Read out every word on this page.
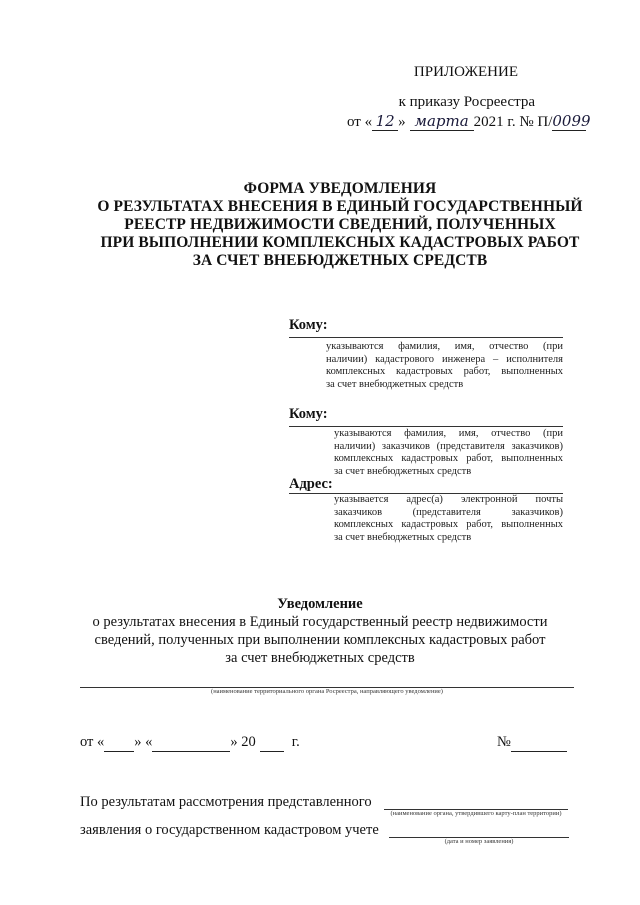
ПРИЛОЖЕНИЕ
к приказу Росреестра
от « 12 » марта 2021 г. № П/0099
ФОРМА УВЕДОМЛЕНИЯ
О РЕЗУЛЬТАТАХ ВНЕСЕНИЯ В ЕДИНЫЙ ГОСУДАРСТВЕННЫЙ
РЕЕСТР НЕДВИЖИМОСТИ СВЕДЕНИЙ, ПОЛУЧЕННЫХ
ПРИ ВЫПОЛНЕНИИ КОМПЛЕКСНЫХ КАДАСТРОВЫХ РАБОТ
ЗА СЧЕТ ВНЕБЮДЖЕТНЫХ СРЕДСТВ
Кому:
указываются фамилия, имя, отчество (при
наличии) кадастрового инженера – исполнителя
комплексных кадастровых работ, выполненных
за счет внебюджетных средств
Кому:
указываются фамилия, имя, отчество (при
наличии) заказчиков (представителя заказчиков)
комплексных кадастровых работ, выполненных
за счет внебюджетных средств
Адрес:
указывается адрес(а) электронной почты
заказчиков (представителя заказчиков)
комплексных кадастровых работ, выполненных
за счет внебюджетных средств
Уведомление
о результатах внесения в Единый государственный реестр недвижимости
сведений, полученных при выполнении комплексных кадастровых работ
за счет внебюджетных средств
(наименование территориального органа Росреестра, направляющего уведомление)
от « » «	» 20 г.	№
По результатам рассмотрения представленного
(наименование органа, утвердившего карту-план территории)
заявления о государственном кадастровом учете
(дата и номер заявления)
